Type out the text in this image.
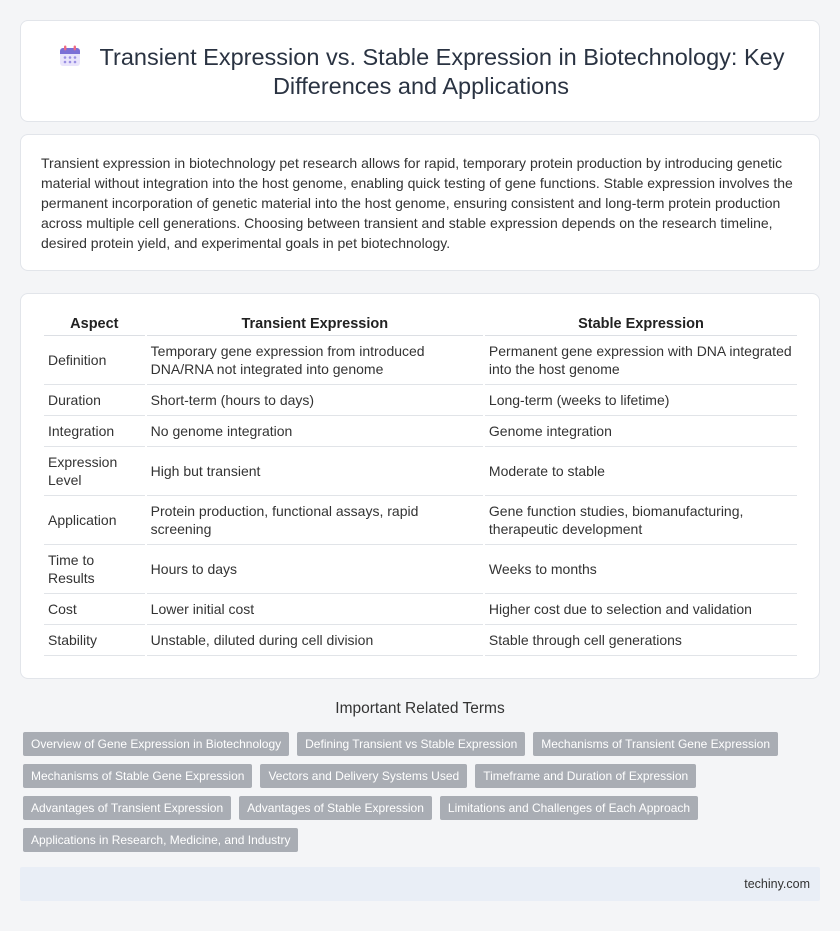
Transient Expression vs. Stable Expression in Biotechnology: Key Differences and Applications

Transient expression in biotechnology pet research allows for rapid, temporary protein production by introducing genetic material without integration into the host genome, enabling quick testing of gene functions. Stable expression involves the permanent incorporation of genetic material into the host genome, ensuring consistent and long-term protein production across multiple cell generations. Choosing between transient and stable expression depends on the research timeline, desired protein yield, and experimental goals in pet biotechnology.

Aspect	Transient Expression	Stable Expression
Definition	Temporary gene expression from introduced DNA/RNA not integrated into genome	Permanent gene expression with DNA integrated into the host genome
Duration	Short-term (hours to days)	Long-term (weeks to lifetime)
Integration	No genome integration	Genome integration
Expression Level	High but transient	Moderate to stable
Application	Protein production, functional assays, rapid screening	Gene function studies, biomanufacturing, therapeutic development
Time to Results	Hours to days	Weeks to months
Cost	Lower initial cost	Higher cost due to selection and validation
Stability	Unstable, diluted during cell division	Stable through cell generations
Important Related Terms
Overview of Gene Expression in Biotechnology	Defining Transient vs Stable Expression	Mechanisms of Transient Gene Expression
Mechanisms of Stable Gene Expression	Vectors and Delivery Systems Used	Timeframe and Duration of Expression
Advantages of Transient Expression	Advantages of Stable Expression	Limitations and Challenges of Each Approach
Applications in Research, Medicine, and Industry
techiny.com
